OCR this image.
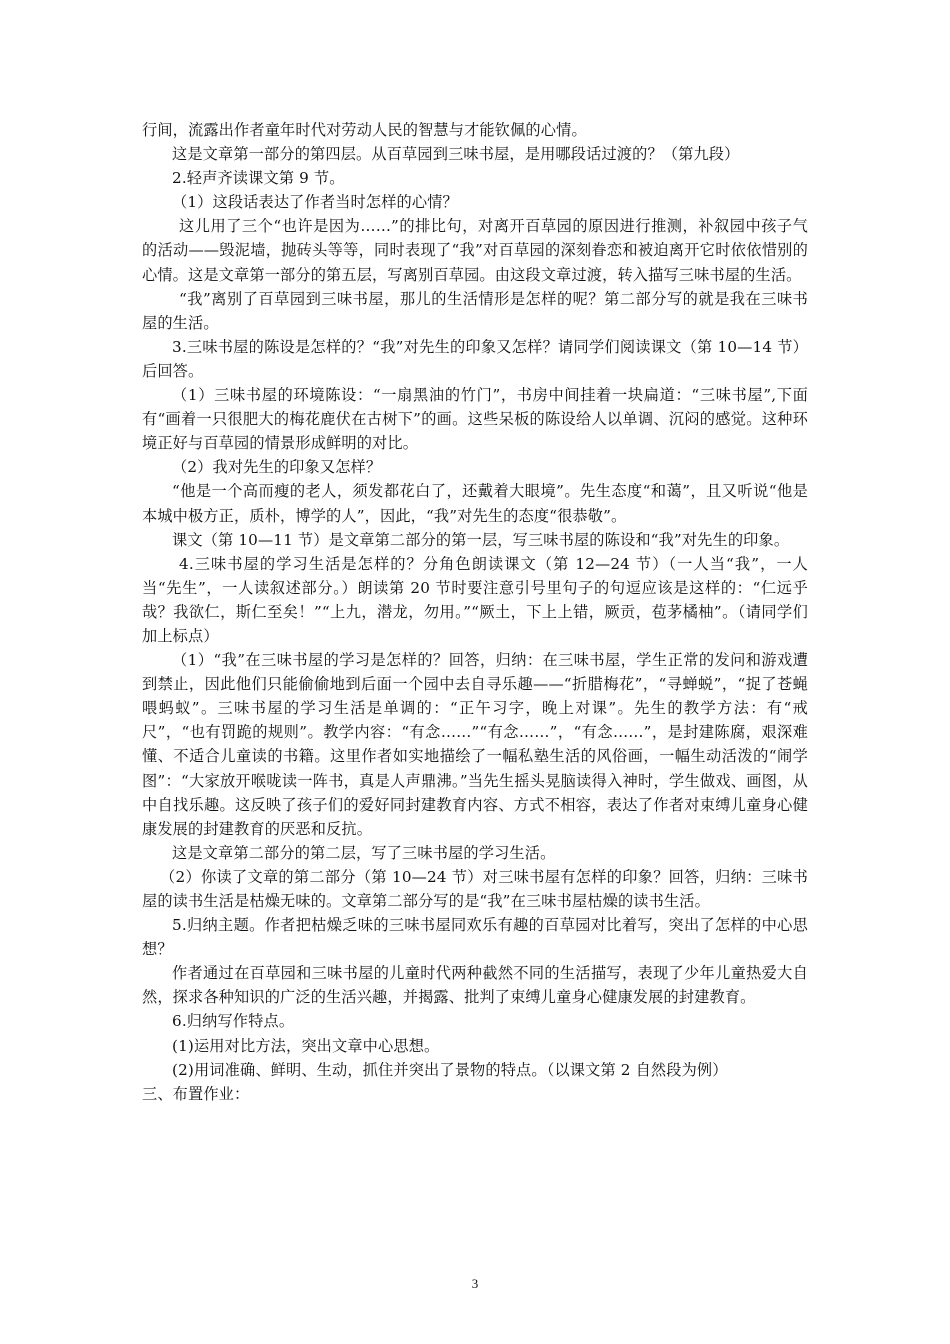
行间，流露出作者童年时代对劳动人民的智慧与才能钦佩的心情。

这是文章第一部分的第四层。从百草园到三味书屋，是用哪段话过渡的？（第九段）

2.轻声齐读课文第 9 节。

（1）这段话表达了作者当时怎样的心情？

这儿用了三个“也许是因为……”的排比句，对离开百草园的原因进行推测，补叙园中孩子气的活动——毁泥墙，抛砖头等等，同时表现了“我”对百草园的深刻眷恋和被迫离开它时依依惜别的心情。这是文章第一部分的第五层，写离别百草园。由这段文章过渡，转入描写三味书屋的生活。

“我”离别了百草园到三味书屋，那儿的生活情形是怎样的呢？第二部分写的就是我在三味书屋的生活。

3.三味书屋的陈设是怎样的？“我”对先生的印象又怎样？请同学们阅读课文（第 10—14 节）后回答。

（1）三味书屋的环境陈设：“一扇黑油的竹门”，书房中间挂着一块扁道：“三味书屋”,下面有“画着一只很肥大的梅花鹿伏在古树下”的画。这些呆板的陈设给人以单调、沉闷的感觉。这种环境正好与百草园的情景形成鲜明的对比。

（2）我对先生的印象又怎样？

“他是一个高而瘦的老人，须发都花白了，还戴着大眼境”。先生态度“和蔼”，且又听说“他是本城中极方正，质朴，博学的人”，因此，“我”对先生的态度“很恭敬”。

课文（第 10—11 节）是文章第二部分的第一层，写三味书屋的陈设和“我”对先生的印象。

4.三味书屋的学习生活是怎样的？分角色朗读课文（第 12—24 节）（一人当“我”，一人当“先生”，一人读叙述部分。）朗读第 20 节时要注意引号里句子的句逗应该是这样的：“仁远乎哉？我欲仁，斯仁至矣！”“上九，潜龙，勿用。”“厥土，下上上错，厥贡，苞茅橘柚”。（请同学们加上标点）

（1）“我”在三味书屋的学习是怎样的？回答，归纳：在三味书屋，学生正常的发问和游戏遭到禁止，因此他们只能偷偷地到后面一个园中去自寻乐趣——“折腊梅花”，“寻蝉蜕”，“捉了苍蝇喂蚂蚁”。三味书屋的学习生活是单调的：“正午习字，晚上对课”。先生的教学方法：有“戒尺”，“也有罚跪的规则”。教学内容：“有念……”“有念……”，“有念……”，是封建陈腐，艰深难懂、不适合儿童读的书籍。这里作者如实地描绘了一幅私塾生活的风俗画，一幅生动活泼的“闹学图”：“大家放开喉咙读一阵书，真是人声鼎沸。”当先生摇头晃脑读得入神时，学生做戏、画图，从中自找乐趣。这反映了孩子们的爱好同封建教育内容、方式不相容，表达了作者对束缚儿童身心健康发展的封建教育的厌恶和反抗。

这是文章第二部分的第二层，写了三味书屋的学习生活。

（2）你读了文章的第二部分（第 10—24 节）对三味书屋有怎样的印象？回答，归纳：三味书屋的读书生活是枯燥无味的。文章第二部分写的是“我”在三味书屋枯燥的读书生活。

5.归纳主题。作者把枯燥乏味的三味书屋同欢乐有趣的百草园对比着写，突出了怎样的中心思想？

作者通过在百草园和三味书屋的儿童时代两种截然不同的生活描写，表现了少年儿童热爱大自然，探求各种知识的广泛的生活兴趣，并揭露、批判了束缚儿童身心健康发展的封建教育。

6.归纳写作特点。

(1)运用对比方法，突出文章中心思想。

(2)用词准确、鲜明、生动，抓住并突出了景物的特点。（以课文第 2 自然段为例）

三、布置作业：

3
